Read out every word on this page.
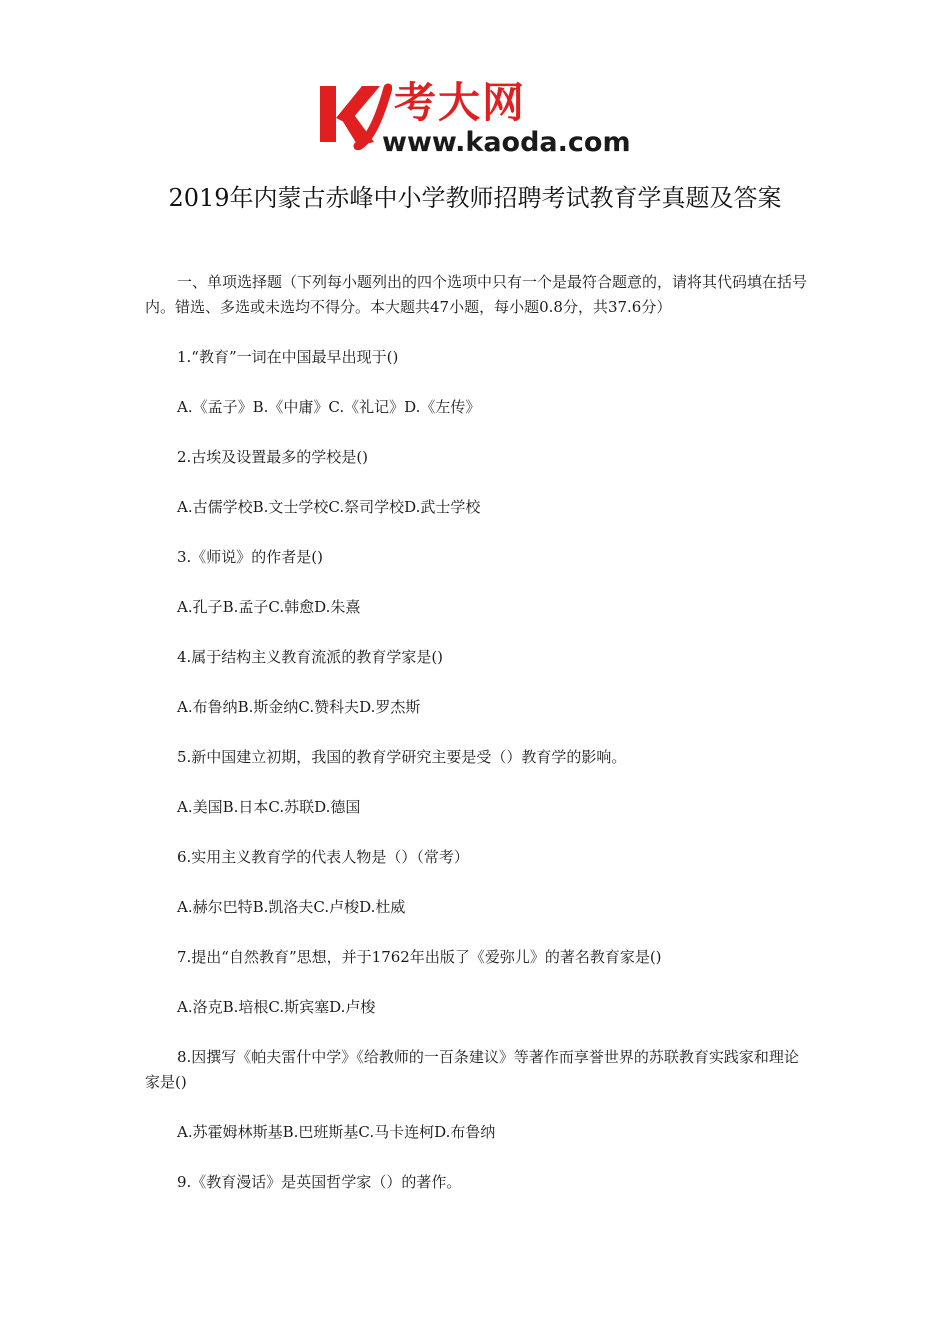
考大网
www.kaoda.com
2019年内蒙古赤峰中小学教师招聘考试教育学真题及答案

一、单项选择题（下列每小题列出的四个选项中只有一个是最符合题意的，请将其代码填在括号内。错选、多选或未选均不得分。本大题共47小题，每小题0.8分，共37.6分）

1.“教育”一词在中国最早出现于()

A.《孟子》B.《中庸》C.《礼记》D.《左传》

2.古埃及设置最多的学校是()

A.古儒学校B.文士学校C.祭司学校D.武士学校

3.《师说》的作者是()

A.孔子B.孟子C.韩愈D.朱熹

4.属于结构主义教育流派的教育学家是()

A.布鲁纳B.斯金纳C.赞科夫D.罗杰斯

5.新中国建立初期，我国的教育学研究主要是受（）教育学的影响。

A.美国B.日本C.苏联D.德国

6.实用主义教育学的代表人物是（）（常考）

A.赫尔巴特B.凯洛夫C.卢梭D.杜威

7.提出“自然教育”思想，并于1762年出版了《爱弥儿》的著名教育家是()

A.洛克B.培根C.斯宾塞D.卢梭

8.因撰写《帕夫雷什中学》《给教师的一百条建议》等著作而享誉世界的苏联教育实践家和理论家是()

A.苏霍姆林斯基B.巴班斯基C.马卡连柯D.布鲁纳

9.《教育漫话》是英国哲学家（）的著作。
